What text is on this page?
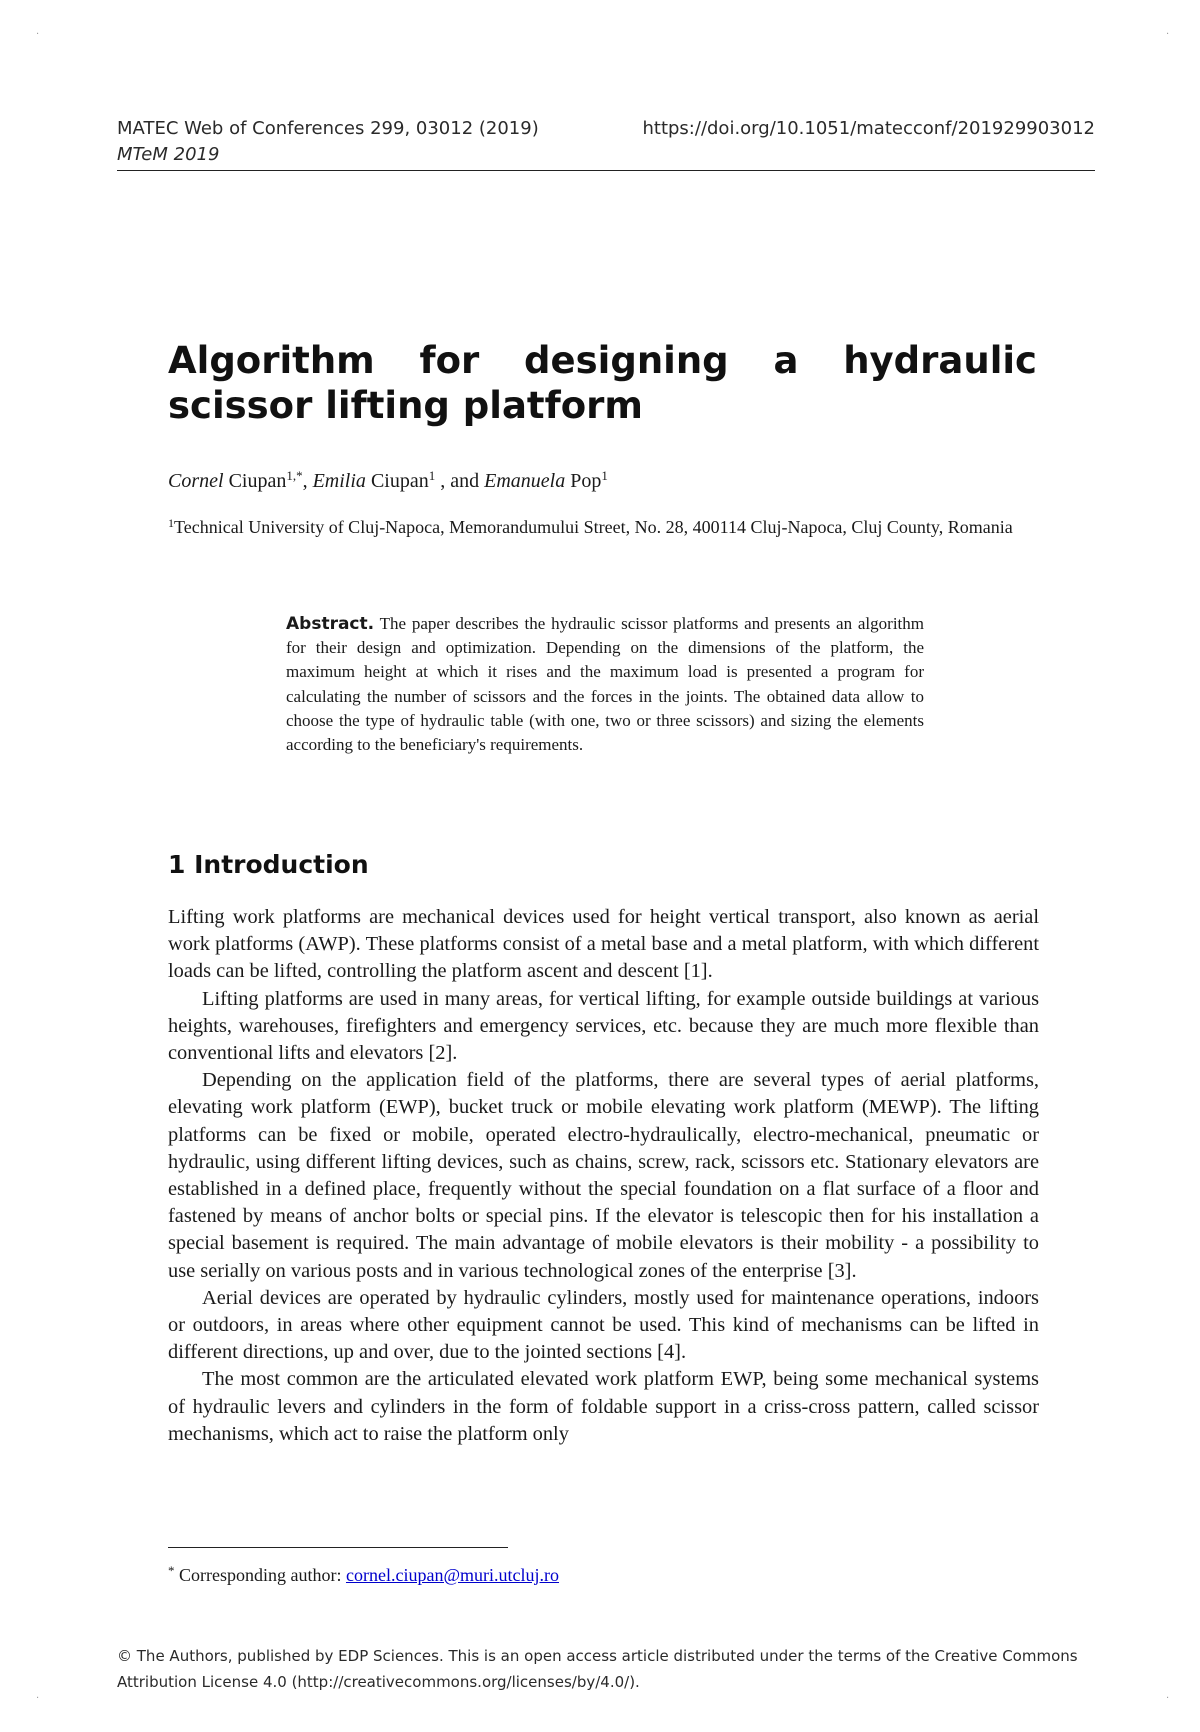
.	.
.	.
MATEC Web of Conferences 299, 03012 (2019)
MTeM 2019
https://doi.org/10.1051/matecconf/201929903012
Algorithm for designing a hydraulic scissor lifting platform
Cornel Ciupan$^{1,*}$, Emilia Ciupan$^1$ , and Emanuela Pop$^1$
$^1$Technical University of Cluj-Napoca, Memorandumului Street, No. 28, 400114 Cluj-Napoca, Cluj County, Romania
Abstract. The paper describes the hydraulic scissor platforms and presents an algorithm for their design and optimization. Depending on the dimensions of the platform, the maximum height at which it rises and the maximum load is presented a program for calculating the number of scissors and the forces in the joints. The obtained data allow to choose the type of hydraulic table (with one, two or three scissors) and sizing the elements according to the beneficiary's requirements.
1 Introduction

Lifting work platforms are mechanical devices used for height vertical transport, also known as aerial work platforms (AWP). These platforms consist of a metal base and a metal platform, with which different loads can be lifted, controlling the platform ascent and descent [1].

Lifting platforms are used in many areas, for vertical lifting, for example outside buildings at various heights, warehouses, firefighters and emergency services, etc. because they are much more flexible than conventional lifts and elevators [2].

Depending on the application field of the platforms, there are several types of aerial platforms, elevating work platform (EWP), bucket truck or mobile elevating work platform (MEWP). The lifting platforms can be fixed or mobile, operated electro-hydraulically, electro-mechanical, pneumatic or hydraulic, using different lifting devices, such as chains, screw, rack, scissors etc. Stationary elevators are established in a defined place, frequently without the special foundation on a flat surface of a floor and fastened by means of anchor bolts or special pins. If the elevator is telescopic then for his installation a special basement is required. The main advantage of mobile elevators is their mobility - a possibility to use serially on various posts and in various technological zones of the enterprise [3].

Aerial devices are operated by hydraulic cylinders, mostly used for maintenance operations, indoors or outdoors, in areas where other equipment cannot be used. This kind of mechanisms can be lifted in different directions, up and over, due to the jointed sections [4].

The most common are the articulated elevated work platform EWP, being some mechanical systems of hydraulic levers and cylinders in the form of foldable support in a criss-cross pattern, called scissor mechanisms, which act to raise the platform only

* Corresponding author: cornel.ciupan@muri.utcluj.ro
© The Authors, published by EDP Sciences. This is an open access article distributed under the terms of the Creative Commons Attribution License 4.0 (http://creativecommons.org/licenses/by/4.0/).
